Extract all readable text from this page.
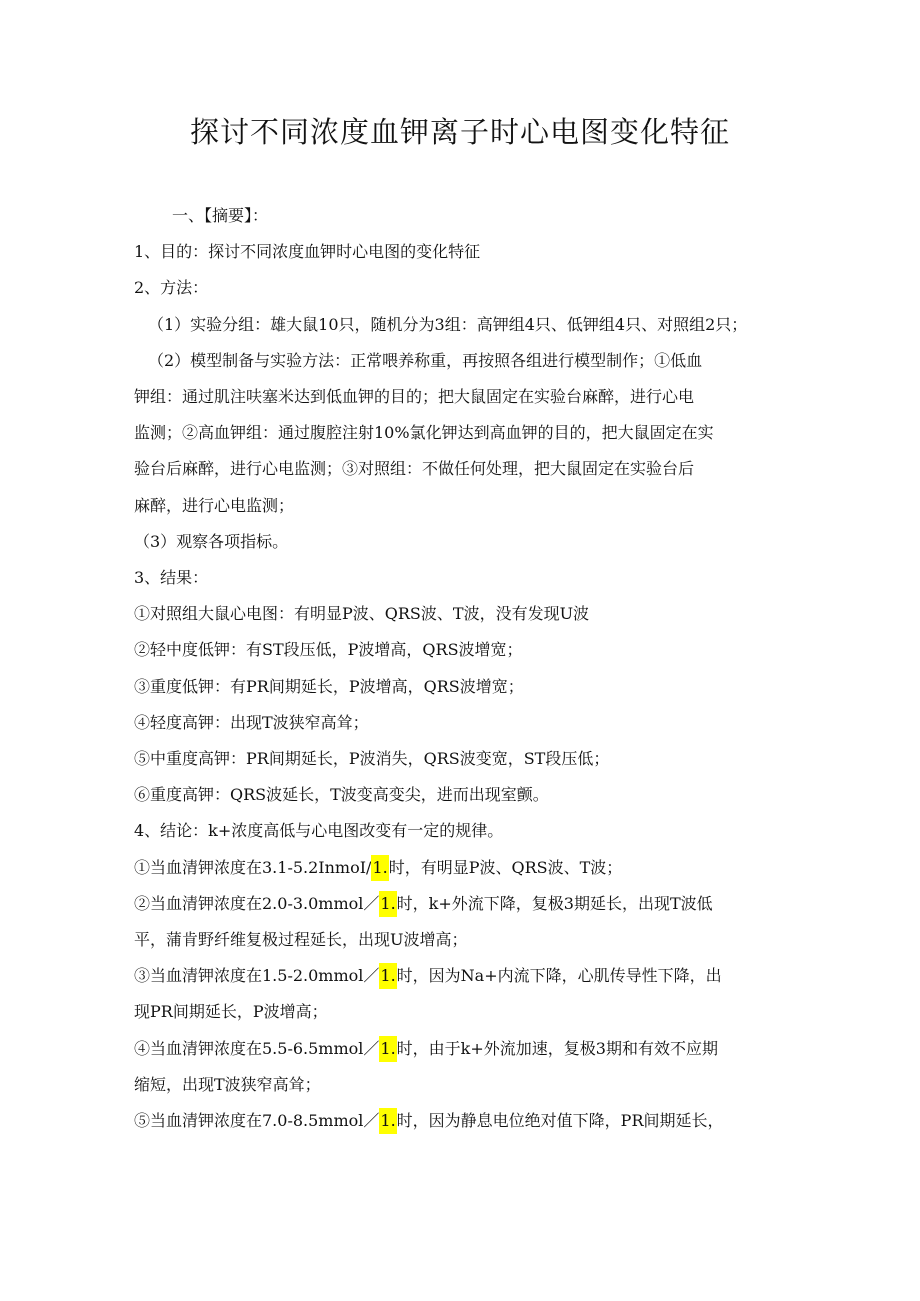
探讨不同浓度血钾离子时心电图变化特征
一、【摘要】：
1、目的：探讨不同浓度血钾时心电图的变化特征
2、方法：
（1）实验分组：雄大鼠10只，随机分为3组：高钾组4只、低钾组4只、对照组2只；
（2）模型制备与实验方法：正常喂养称重，再按照各组进行模型制作；①低血
钾组：通过肌注呋塞米达到低血钾的目的；把大鼠固定在实验台麻醉，进行心电
监测；②高血钾组：通过腹腔注射10%氯化钾达到高血钾的目的，把大鼠固定在实
验台后麻醉，进行心电监测；③对照组：不做任何处理，把大鼠固定在实验台后
麻醉，进行心电监测；
（3）观察各项指标。
3、结果：
①对照组大鼠心电图：有明显P波、QRS波、T波，没有发现U波
②轻中度低钾：有ST段压低，P波增高，QRS波增宽；
③重度低钾：有PR间期延长，P波增高，QRS波增宽；
④轻度高钾：出现T波狭窄高耸；
⑤中重度高钾：PR间期延长，P波消失，QRS波变宽，ST段压低；
⑥重度高钾：QRS波延长，T波变高变尖，进而出现室颤。
4、结论：k+浓度高低与心电图改变有一定的规律。
①当血清钾浓度在3.1-5.2InmoI/1.时，有明显P波、QRS波、T波；
②当血清钾浓度在2.0-3.0mmol／1.时，k+外流下降，复极3期延长，出现T波低
平，蒲肯野纤维复极过程延长，出现U波增高；
③当血清钾浓度在1.5-2.0mmol／1.时，因为Na+内流下降，心肌传导性下降，出
现PR间期延长，P波增高；
④当血清钾浓度在5.5-6.5mmol／1.时，由于k+外流加速，复极3期和有效不应期
缩短，出现T波狭窄高耸；
⑤当血清钾浓度在7.0-8.5mmol／1.时，因为静息电位绝对值下降，PR间期延长，
